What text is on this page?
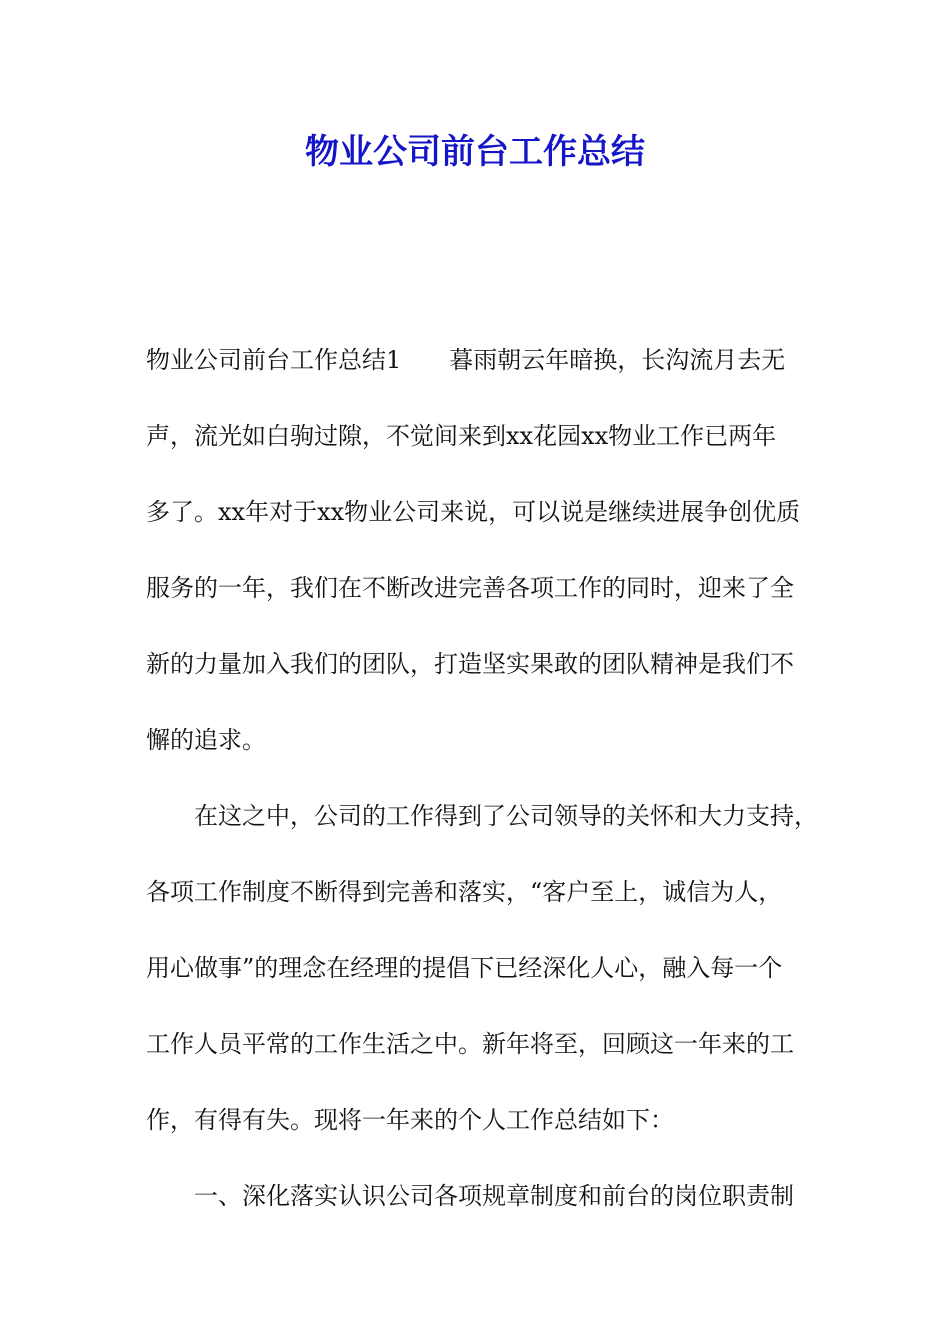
物业公司前台工作总结
物业公司前台工作总结1　　暮雨朝云年暗换，长沟流月去无
声，流光如白驹过隙，不觉间来到xx花园xx物业工作已两年
多了。xx年对于xx物业公司来说，可以说是继续进展争创优质
服务的一年，我们在不断改进完善各项工作的同时，迎来了全
新的力量加入我们的团队，打造坚实果敢的团队精神是我们不
懈的追求。
在这之中，公司的工作得到了公司领导的关怀和大力支持，
各项工作制度不断得到完善和落实，“客户至上，诚信为人，
用心做事”的理念在经理的提倡下已经深化人心，融入每一个
工作人员平常的工作生活之中。新年将至，回顾这一年来的工
作，有得有失。现将一年来的个人工作总结如下：
一、深化落实认识公司各项规章制度和前台的岗位职责制
